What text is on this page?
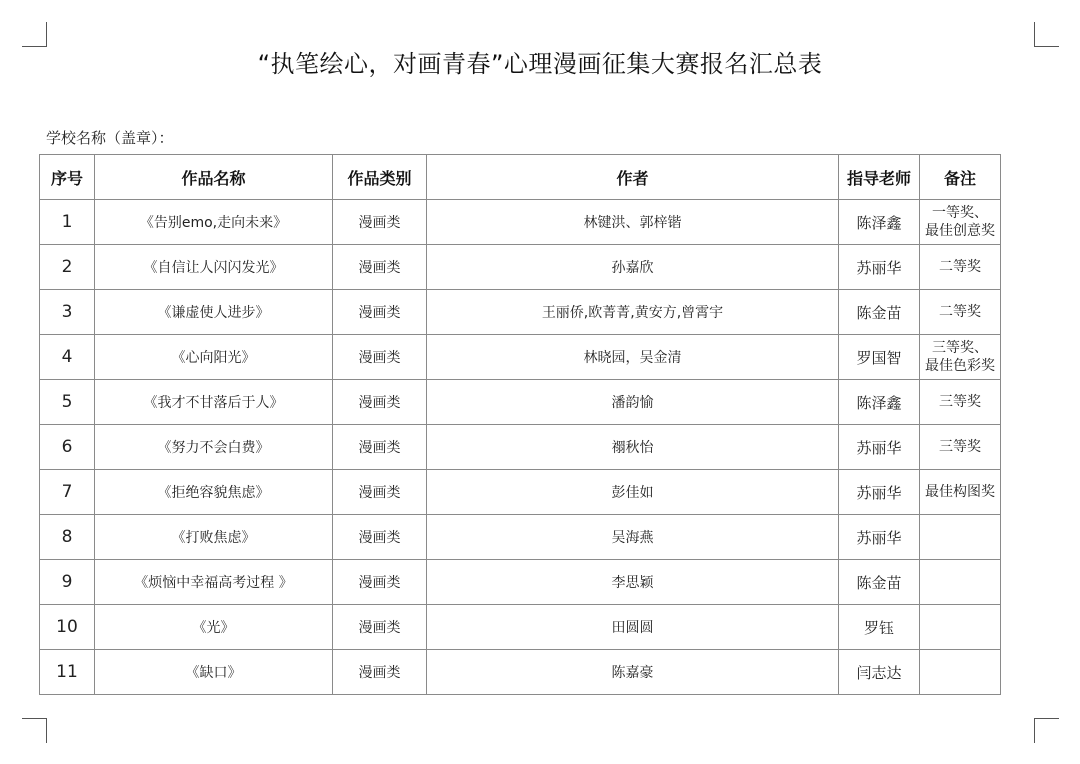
“执笔绘心，对画青春”心理漫画征集大赛报名汇总表
学校名称（盖章）：
序号	作品名称	作品类别	作者	指导老师	备注
1	《告别emo,走向未来》	漫画类	林键洪、郭梓锴	陈泽鑫	一等奖、
最佳创意奖

2	《自信让人闪闪发光》	漫画类	孙嘉欣	苏丽华	二等奖

3	《谦虚使人进步》	漫画类	王丽侨,欧菁菁,黄安方,曾霄宇	陈金苗	二等奖

4	《心向阳光》	漫画类	林晓园，吴金清	罗国智	三等奖、
最佳色彩奖

5	《我才不甘落后于人》	漫画类	潘韵愉	陈泽鑫	三等奖

6	《努力不会白费》	漫画类	禤秋怡	苏丽华	三等奖

7	《拒绝容貌焦虑》	漫画类	彭佳如	苏丽华	最佳构图奖

8	《打败焦虑》	漫画类	吴海燕	苏丽华	
9	《烦恼中幸福高考过程 》	漫画类	李思颖	陈金苗	
10	《光》	漫画类	田圆圆	罗钰	
11	《缺口》	漫画类	陈嘉豪	闫志达	
